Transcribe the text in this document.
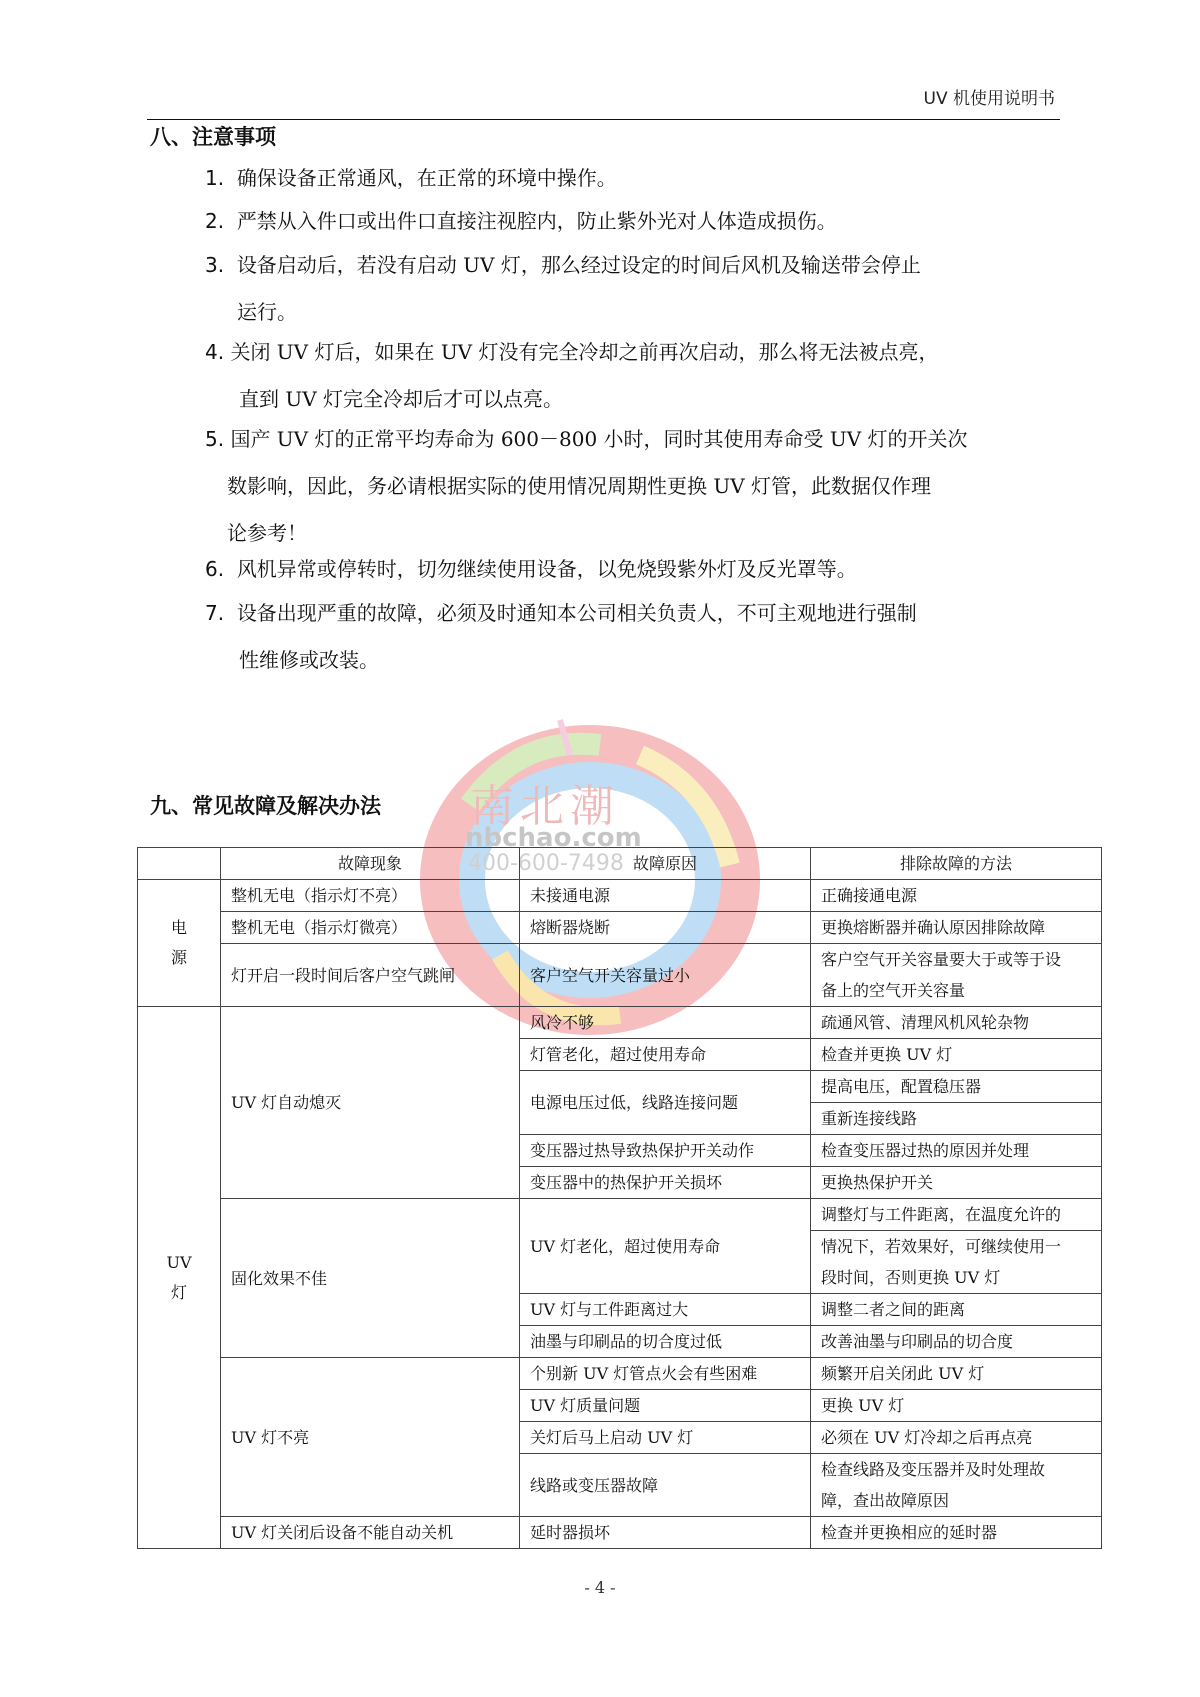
UV 机使用说明书
八、注意事项
1. 确保设备正常通风，在正常的环境中操作。
2. 严禁从入件口或出件口直接注视腔内，防止紫外光对人体造成损伤。
3. 设备启动后，若没有启动 UV 灯，那么经过设定的时间后风机及输送带会停止
运行。
4. 关闭 UV 灯后，如果在 UV 灯没有完全冷却之前再次启动，那么将无法被点亮，
直到 UV 灯完全冷却后才可以点亮。
5. 国产 UV 灯的正常平均寿命为 600－800 小时，同时其使用寿命受 UV 灯的开关次
数影响，因此，务必请根据实际的使用情况周期性更换 UV 灯管，此数据仅作理
论参考！
6. 风机异常或停转时，切勿继续使用设备，以免烧毁紫外灯及反光罩等。
7. 设备出现严重的故障，必须及时通知本公司相关负责人，不可主观地进行强制
性维修或改装。
南北潮
nbchao.com
400-600-7498
九、常见故障及解决办法
	故障现象	故障原因	排除故障的方法
电
源	整机无电（指示灯不亮）	未接通电源	正确接通电源
	整机无电（指示灯微亮）	熔断器烧断	更换熔断器并确认原因排除故障
	灯开启一段时间后客户空气跳闸	客户空气开关容量过小	客户空气开关容量要大于或等于设
备上的空气开关容量
UV
灯	UV 灯自动熄灭	风冷不够	疏通风管、清理风机风轮杂物
		灯管老化，超过使用寿命	检查并更换 UV 灯
		电源电压过低，线路连接问题	提高电压，配置稳压器
			重新连接线路
		变压器过热导致热保护开关动作	检查变压器过热的原因并处理
		变压器中的热保护开关损坏	更换热保护开关
	固化效果不佳	UV 灯老化，超过使用寿命	调整灯与工件距离，在温度允许的
			情况下，若效果好，可继续使用一
			段时间，否则更换 UV 灯
		UV 灯与工件距离过大	调整二者之间的距离
		油墨与印刷品的切合度过低	改善油墨与印刷品的切合度
	UV 灯不亮	个别新 UV 灯管点火会有些困难	频繁开启关闭此 UV 灯
		UV 灯质量问题	更换 UV 灯
		关灯后马上启动 UV 灯	必须在 UV 灯冷却之后再点亮
		线路或变压器故障	检查线路及变压器并及时处理故
			障，查出故障原因
	UV 灯关闭后设备不能自动关机	延时器损坏	检查并更换相应的延时器
- 4 -
